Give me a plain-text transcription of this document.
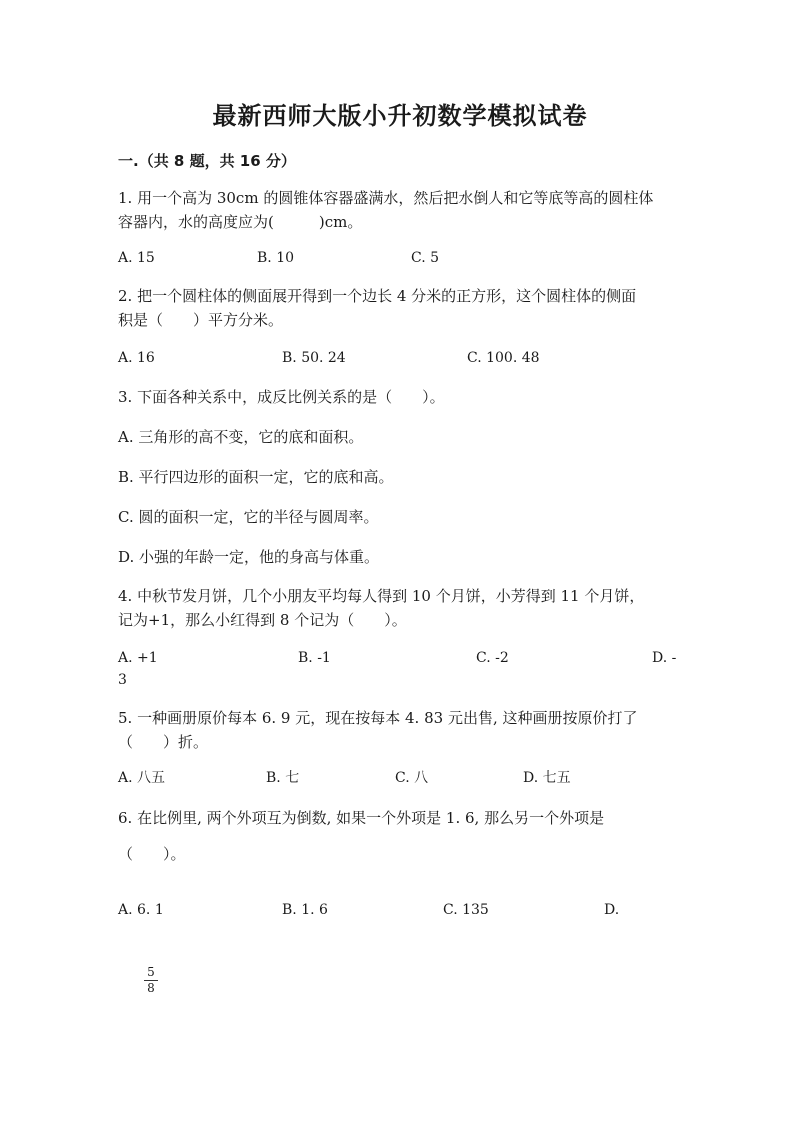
最新西师大版小升初数学模拟试卷
一.（共 8 题，共 16 分）
1. 用一个高为 30cm 的圆锥体容器盛满水，然后把水倒人和它等底等高的圆柱体
容器内，水的高度应为(　　　)cm。
A. 15	B. 10	C. 5
2. 把一个圆柱体的侧面展开得到一个边长 4 分米的正方形，这个圆柱体的侧面
积是（　　）平方分米。
A. 16	B. 50. 24	C. 100. 48
3. 下面各种关系中，成反比例关系的是（　　）。
A. 三角形的高不变，它的底和面积。
B. 平行四边形的面积一定，它的底和高。
C. 圆的面积一定，它的半径与圆周率。
D. 小强的年龄一定，他的身高与体重。
4. 中秋节发月饼，几个小朋友平均每人得到 10 个月饼，小芳得到 11 个月饼，
记为+1，那么小红得到 8 个记为（　　）。
A. +1	B. -1	C. -2	D. -
3
5. 一种画册原价每本 6. 9 元，现在按每本 4. 83 元出售, 这种画册按原价打了
（　　）折。
A. 八五	B. 七	C. 八	D. 七五
6. 在比例里, 两个外项互为倒数, 如果一个外项是 1. 6, 那么另一个外项是
（　　）。
A. 6. 1	B. 1. 6	C. 135	D.
5
8
